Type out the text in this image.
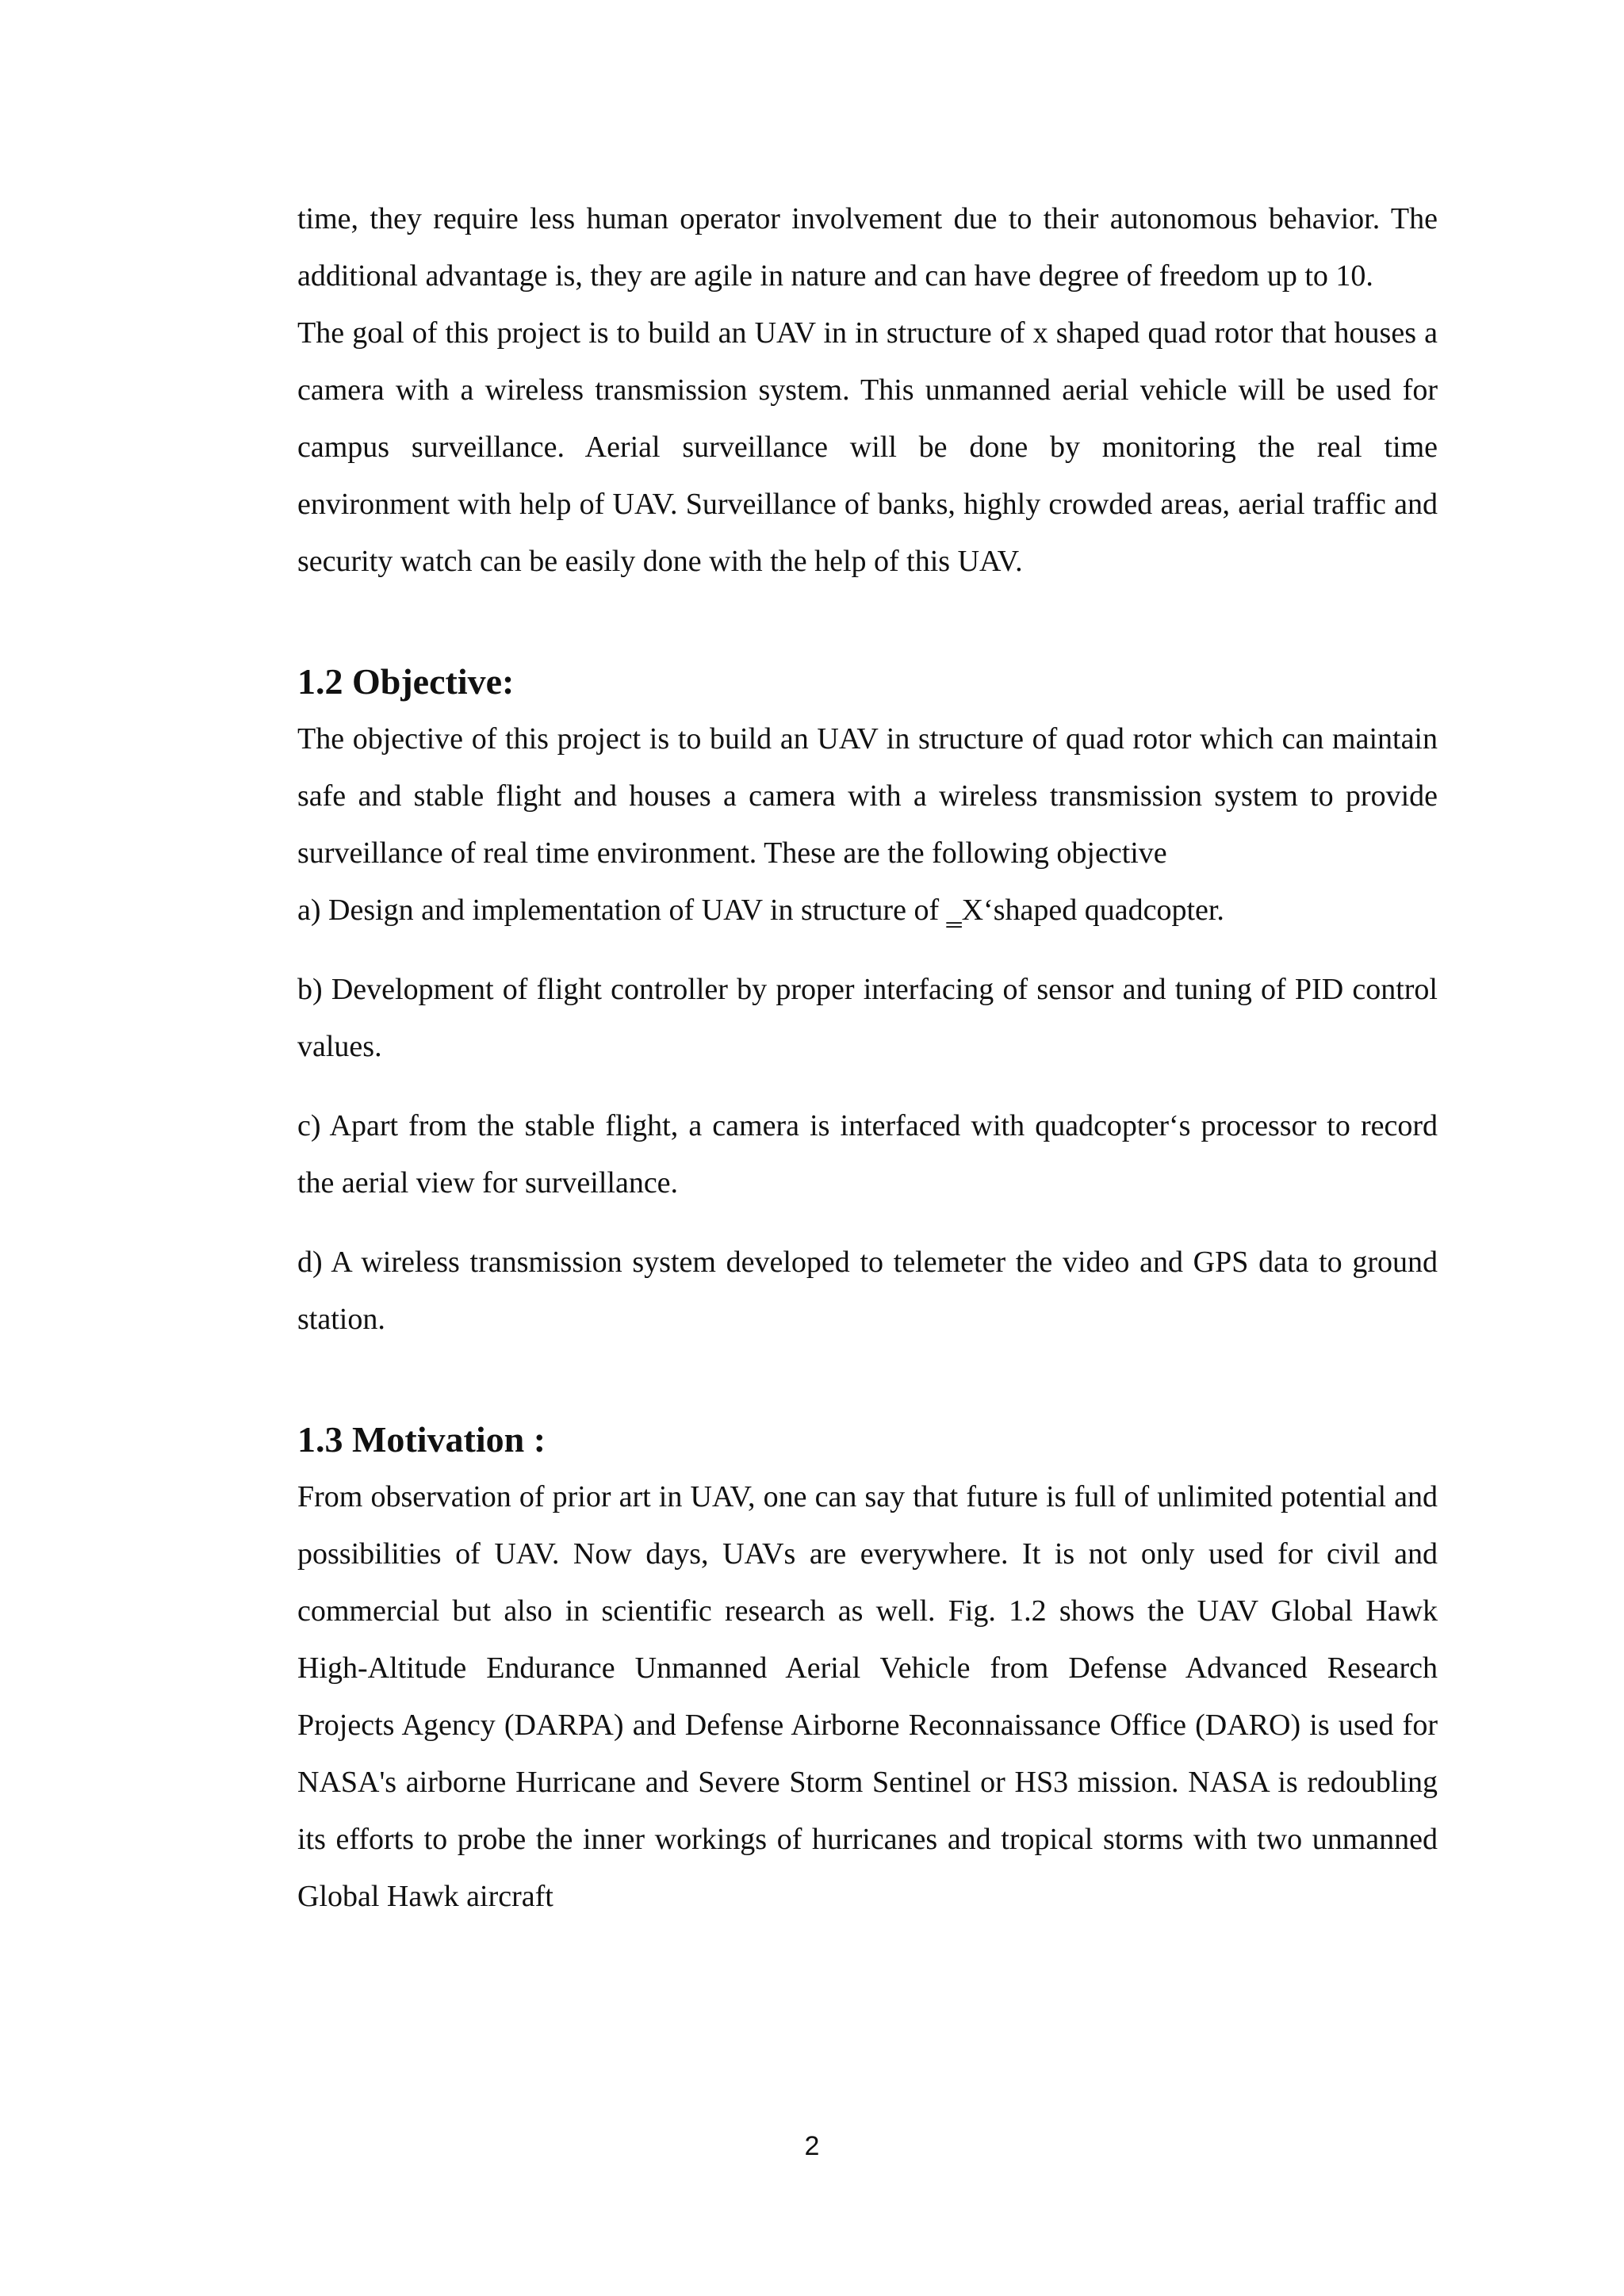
time, they require less human operator involvement due to their autonomous behavior. The additional advantage is, they are agile in nature and can have degree of freedom up to 10.

The goal of this project is to build an UAV in in structure of x shaped quad rotor that houses a camera with a wireless transmission system. This unmanned aerial vehicle will be used for campus surveillance. Aerial surveillance will be done by monitoring the real time environment with help of UAV. Surveillance of banks, highly crowded areas, aerial traffic and security watch can be easily done with the help of this UAV.

1.2 Objective:

The objective of this project is to build an UAV in structure of quad rotor which can maintain safe and stable flight and houses a camera with a wireless transmission system to provide surveillance of real time environment. These are the following objective

a) Design and implementation of UAV in structure of ‗X‘shaped quadcopter.

b) Development of flight controller by proper interfacing of sensor and tuning of PID control values.

c) Apart from the stable flight, a camera is interfaced with quadcopter‘s processor to record the aerial view for surveillance.

d) A wireless transmission system developed to telemeter the video and GPS data to ground station.

1.3 Motivation :

From observation of prior art in UAV, one can say that future is full of unlimited potential and possibilities of UAV. Now days, UAVs are everywhere. It is not only used for civil and commercial but also in scientific research as well. Fig. 1.2 shows the UAV Global Hawk High-Altitude Endurance Unmanned Aerial Vehicle from Defense Advanced Research Projects Agency (DARPA) and Defense Airborne Reconnaissance Office (DARO) is used for NASA's airborne Hurricane and Severe Storm Sentinel or HS3 mission. NASA is redoubling its efforts to probe the inner workings of hurricanes and tropical storms with two unmanned Global Hawk aircraft

2
